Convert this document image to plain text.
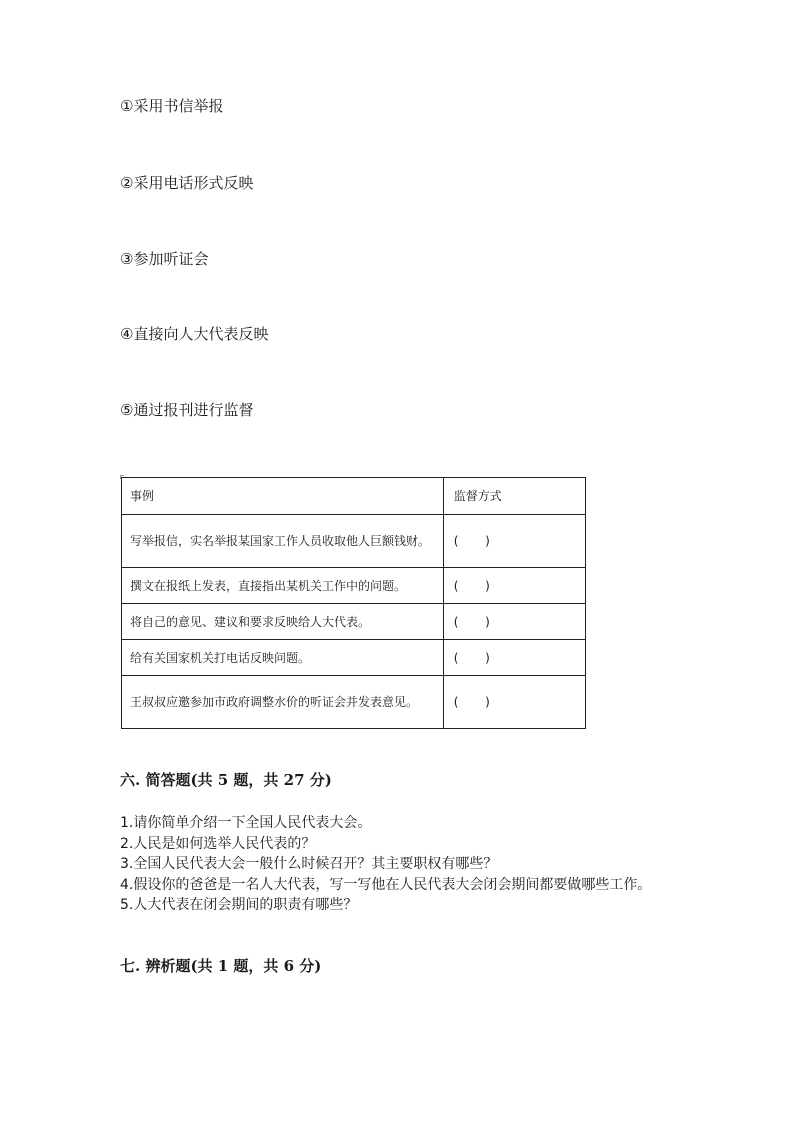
①采用书信举报
②采用电话形式反映
③参加听证会
④直接向人大代表反映
⑤通过报刊进行监督
事例	监督方式
写举报信，实名举报某国家工作人员收取他人巨额钱财。	(       )
撰文在报纸上发表，直接指出某机关工作中的问题。	(       )
将自己的意见、建议和要求反映给人大代表。	(       )
给有关国家机关打电话反映问题。	(       )
王叔叔应邀参加市政府调整水价的听证会并发表意见。	(       )
六. 简答题(共 5 题，共 27 分)
1.请你简单介绍一下全国人民代表大会。
2.人民是如何选举人民代表的？
3.全国人民代表大会一般什么时候召开？其主要职权有哪些？
4.假设你的爸爸是一名人大代表，写一写他在人民代表大会闭会期间都要做哪些工作。
5.人大代表在闭会期间的职责有哪些？
七. 辨析题(共 1 题，共 6 分)
